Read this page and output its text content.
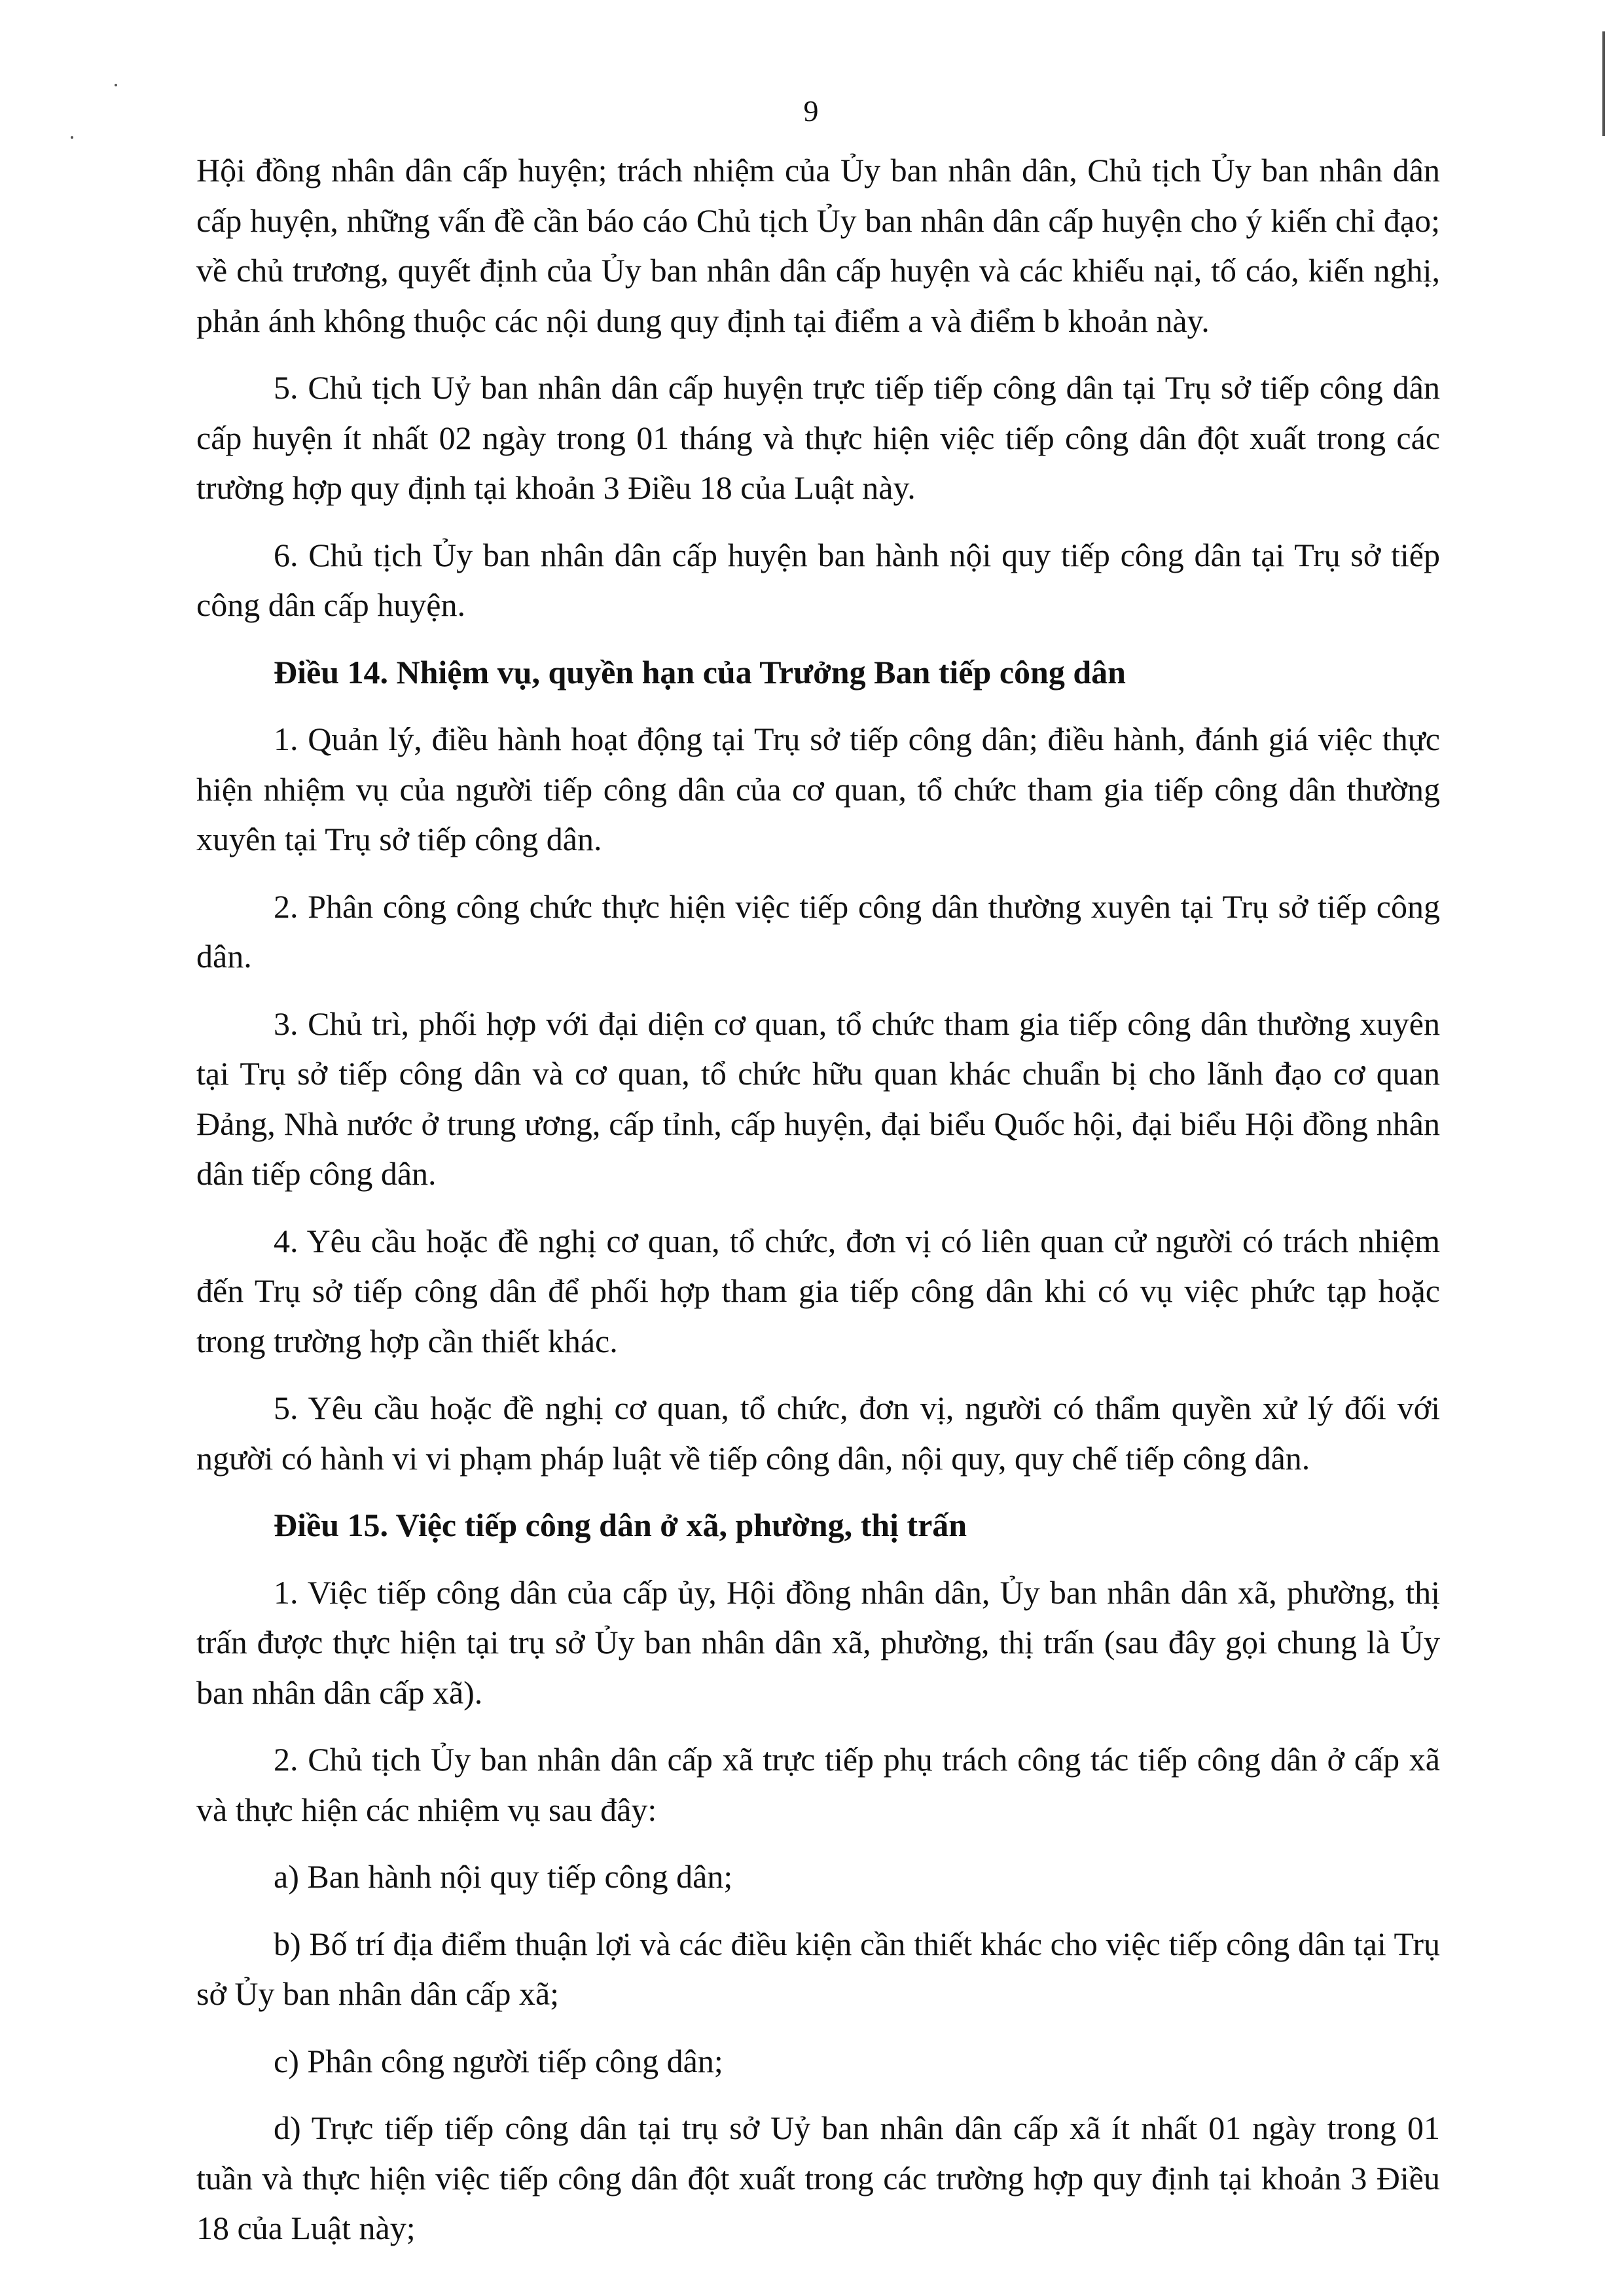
9

Hội đồng nhân dân cấp huyện; trách nhiệm của Ủy ban nhân dân, Chủ tịch Ủy ban nhân dân cấp huyện, những vấn đề cần báo cáo Chủ tịch Ủy ban nhân dân cấp huyện cho ý kiến chỉ đạo; về chủ trương, quyết định của Ủy ban nhân dân cấp huyện và các khiếu nại, tố cáo, kiến nghị, phản ánh không thuộc các nội dung quy định tại điểm a và điểm b khoản này.

5. Chủ tịch Uỷ ban nhân dân cấp huyện trực tiếp tiếp công dân tại Trụ sở tiếp công dân cấp huyện ít nhất 02 ngày trong 01 tháng và thực hiện việc tiếp công dân đột xuất trong các trường hợp quy định tại khoản 3 Điều 18 của Luật này.

6. Chủ tịch Ủy ban nhân dân cấp huyện ban hành nội quy tiếp công dân tại Trụ sở tiếp công dân cấp huyện.

Điều 14. Nhiệm vụ, quyền hạn của Trưởng Ban tiếp công dân

1. Quản lý, điều hành hoạt động tại Trụ sở tiếp công dân; điều hành, đánh giá việc thực hiện nhiệm vụ của người tiếp công dân của cơ quan, tổ chức tham gia tiếp công dân thường xuyên tại Trụ sở tiếp công dân.

2. Phân công công chức thực hiện việc tiếp công dân thường xuyên tại Trụ sở tiếp công dân.

3. Chủ trì, phối hợp với đại diện cơ quan, tổ chức tham gia tiếp công dân thường xuyên tại Trụ sở tiếp công dân và cơ quan, tổ chức hữu quan khác chuẩn bị cho lãnh đạo cơ quan Đảng, Nhà nước ở trung ương, cấp tỉnh, cấp huyện, đại biểu Quốc hội, đại biểu Hội đồng nhân dân tiếp công dân.

4. Yêu cầu hoặc đề nghị cơ quan, tổ chức, đơn vị có liên quan cử người có trách nhiệm đến Trụ sở tiếp công dân để phối hợp tham gia tiếp công dân khi có vụ việc phức tạp hoặc trong trường hợp cần thiết khác.

5. Yêu cầu hoặc đề nghị cơ quan, tổ chức, đơn vị, người có thẩm quyền xử lý đối với người có hành vi vi phạm pháp luật về tiếp công dân, nội quy, quy chế tiếp công dân.

Điều 15. Việc tiếp công dân ở xã, phường, thị trấn

1. Việc tiếp công dân của cấp ủy, Hội đồng nhân dân, Ủy ban nhân dân xã, phường, thị trấn được thực hiện tại trụ sở Ủy ban nhân dân xã, phường, thị trấn (sau đây gọi chung là Ủy ban nhân dân cấp xã).

2. Chủ tịch Ủy ban nhân dân cấp xã trực tiếp phụ trách công tác tiếp công dân ở cấp xã và thực hiện các nhiệm vụ sau đây:

a) Ban hành nội quy tiếp công dân;

b) Bố trí địa điểm thuận lợi và các điều kiện cần thiết khác cho việc tiếp công dân tại Trụ sở Ủy ban nhân dân cấp xã;

c) Phân công người tiếp công dân;

d) Trực tiếp tiếp công dân tại trụ sở Uỷ ban nhân dân cấp xã ít nhất 01 ngày trong 01 tuần và thực hiện việc tiếp công dân đột xuất trong các trường hợp quy định tại khoản 3 Điều 18 của Luật này;
